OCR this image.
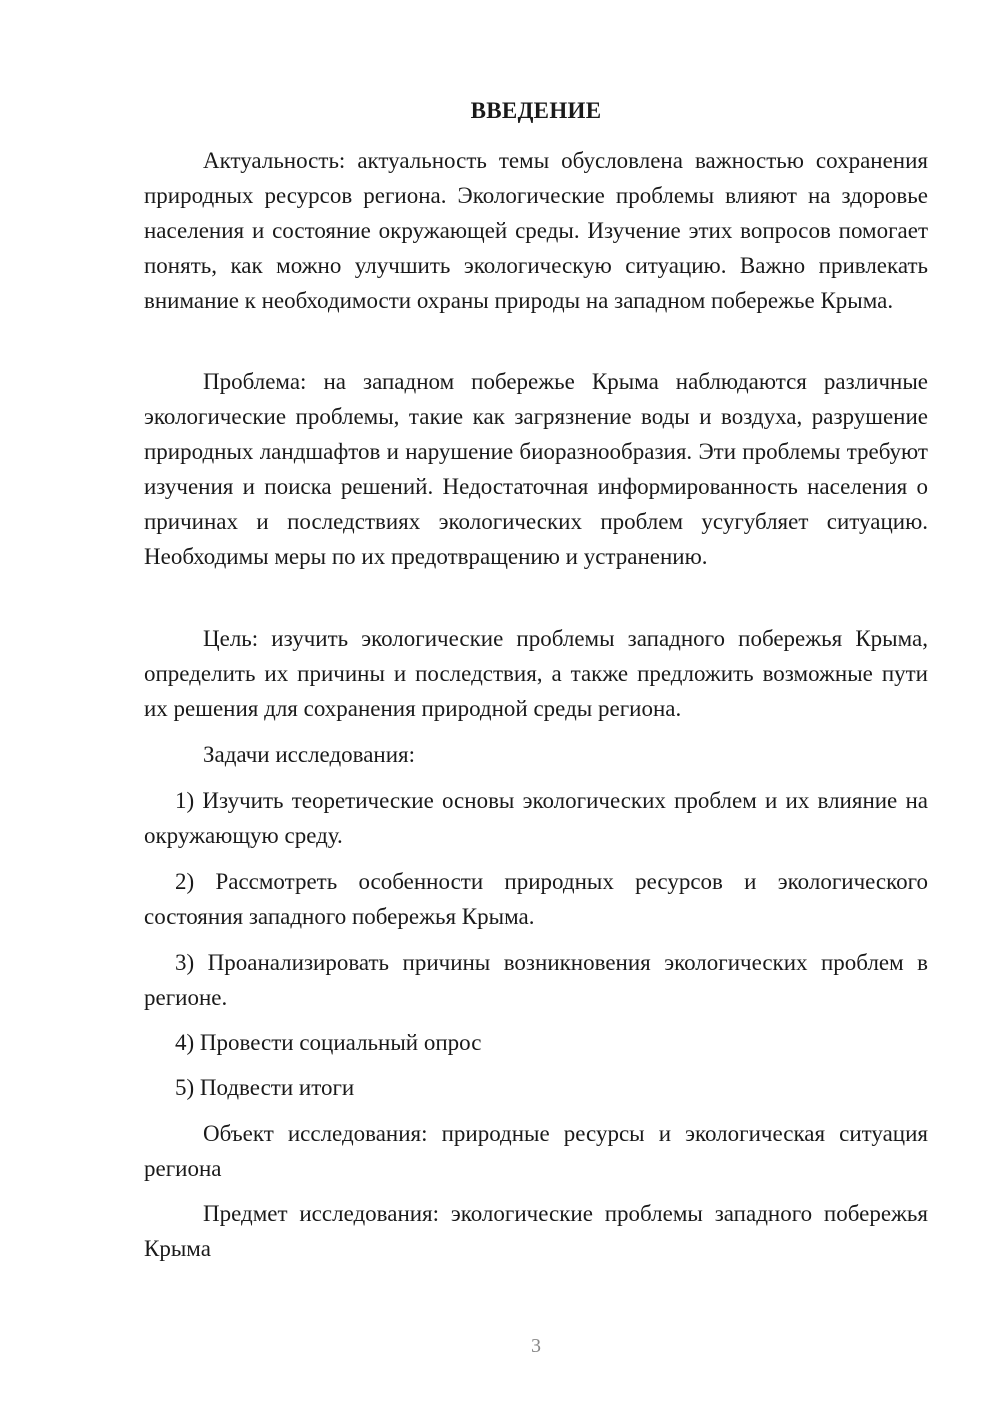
ВВЕДЕНИЕ

Актуальность: актуальность темы обусловлена важностью сохранения природных ресурсов региона. Экологические проблемы влияют на здоровье населения и состояние окружающей среды. Изучение этих вопросов помогает понять, как можно улучшить экологическую ситуацию. Важно привлекать внимание к необходимости охраны природы на западном побережье Крыма.

Проблема: на западном побережье Крыма наблюдаются различные экологические проблемы, такие как загрязнение воды и воздуха, разрушение природных ландшафтов и нарушение биоразнообразия. Эти проблемы требуют изучения и поиска решений. Недостаточная информированность населения о причинах и последствиях экологических проблем усугубляет ситуацию. Необходимы меры по их предотвращению и устранению.

Цель: изучить экологические проблемы западного побережья Крыма, определить их причины и последствия, а также предложить возможные пути их решения для сохранения природной среды региона.

Задачи исследования:

1) Изучить теоретические основы экологических проблем и их влияние на окружающую среду.

2) Рассмотреть особенности природных ресурсов и экологического состояния западного побережья Крыма.

3) Проанализировать причины возникновения экологических проблем в регионе.

4) Провести социальный опрос

5) Подвести итоги

Объект исследования: природные ресурсы и экологическая ситуация региона

Предмет исследования: экологические проблемы западного побережья Крыма

3
